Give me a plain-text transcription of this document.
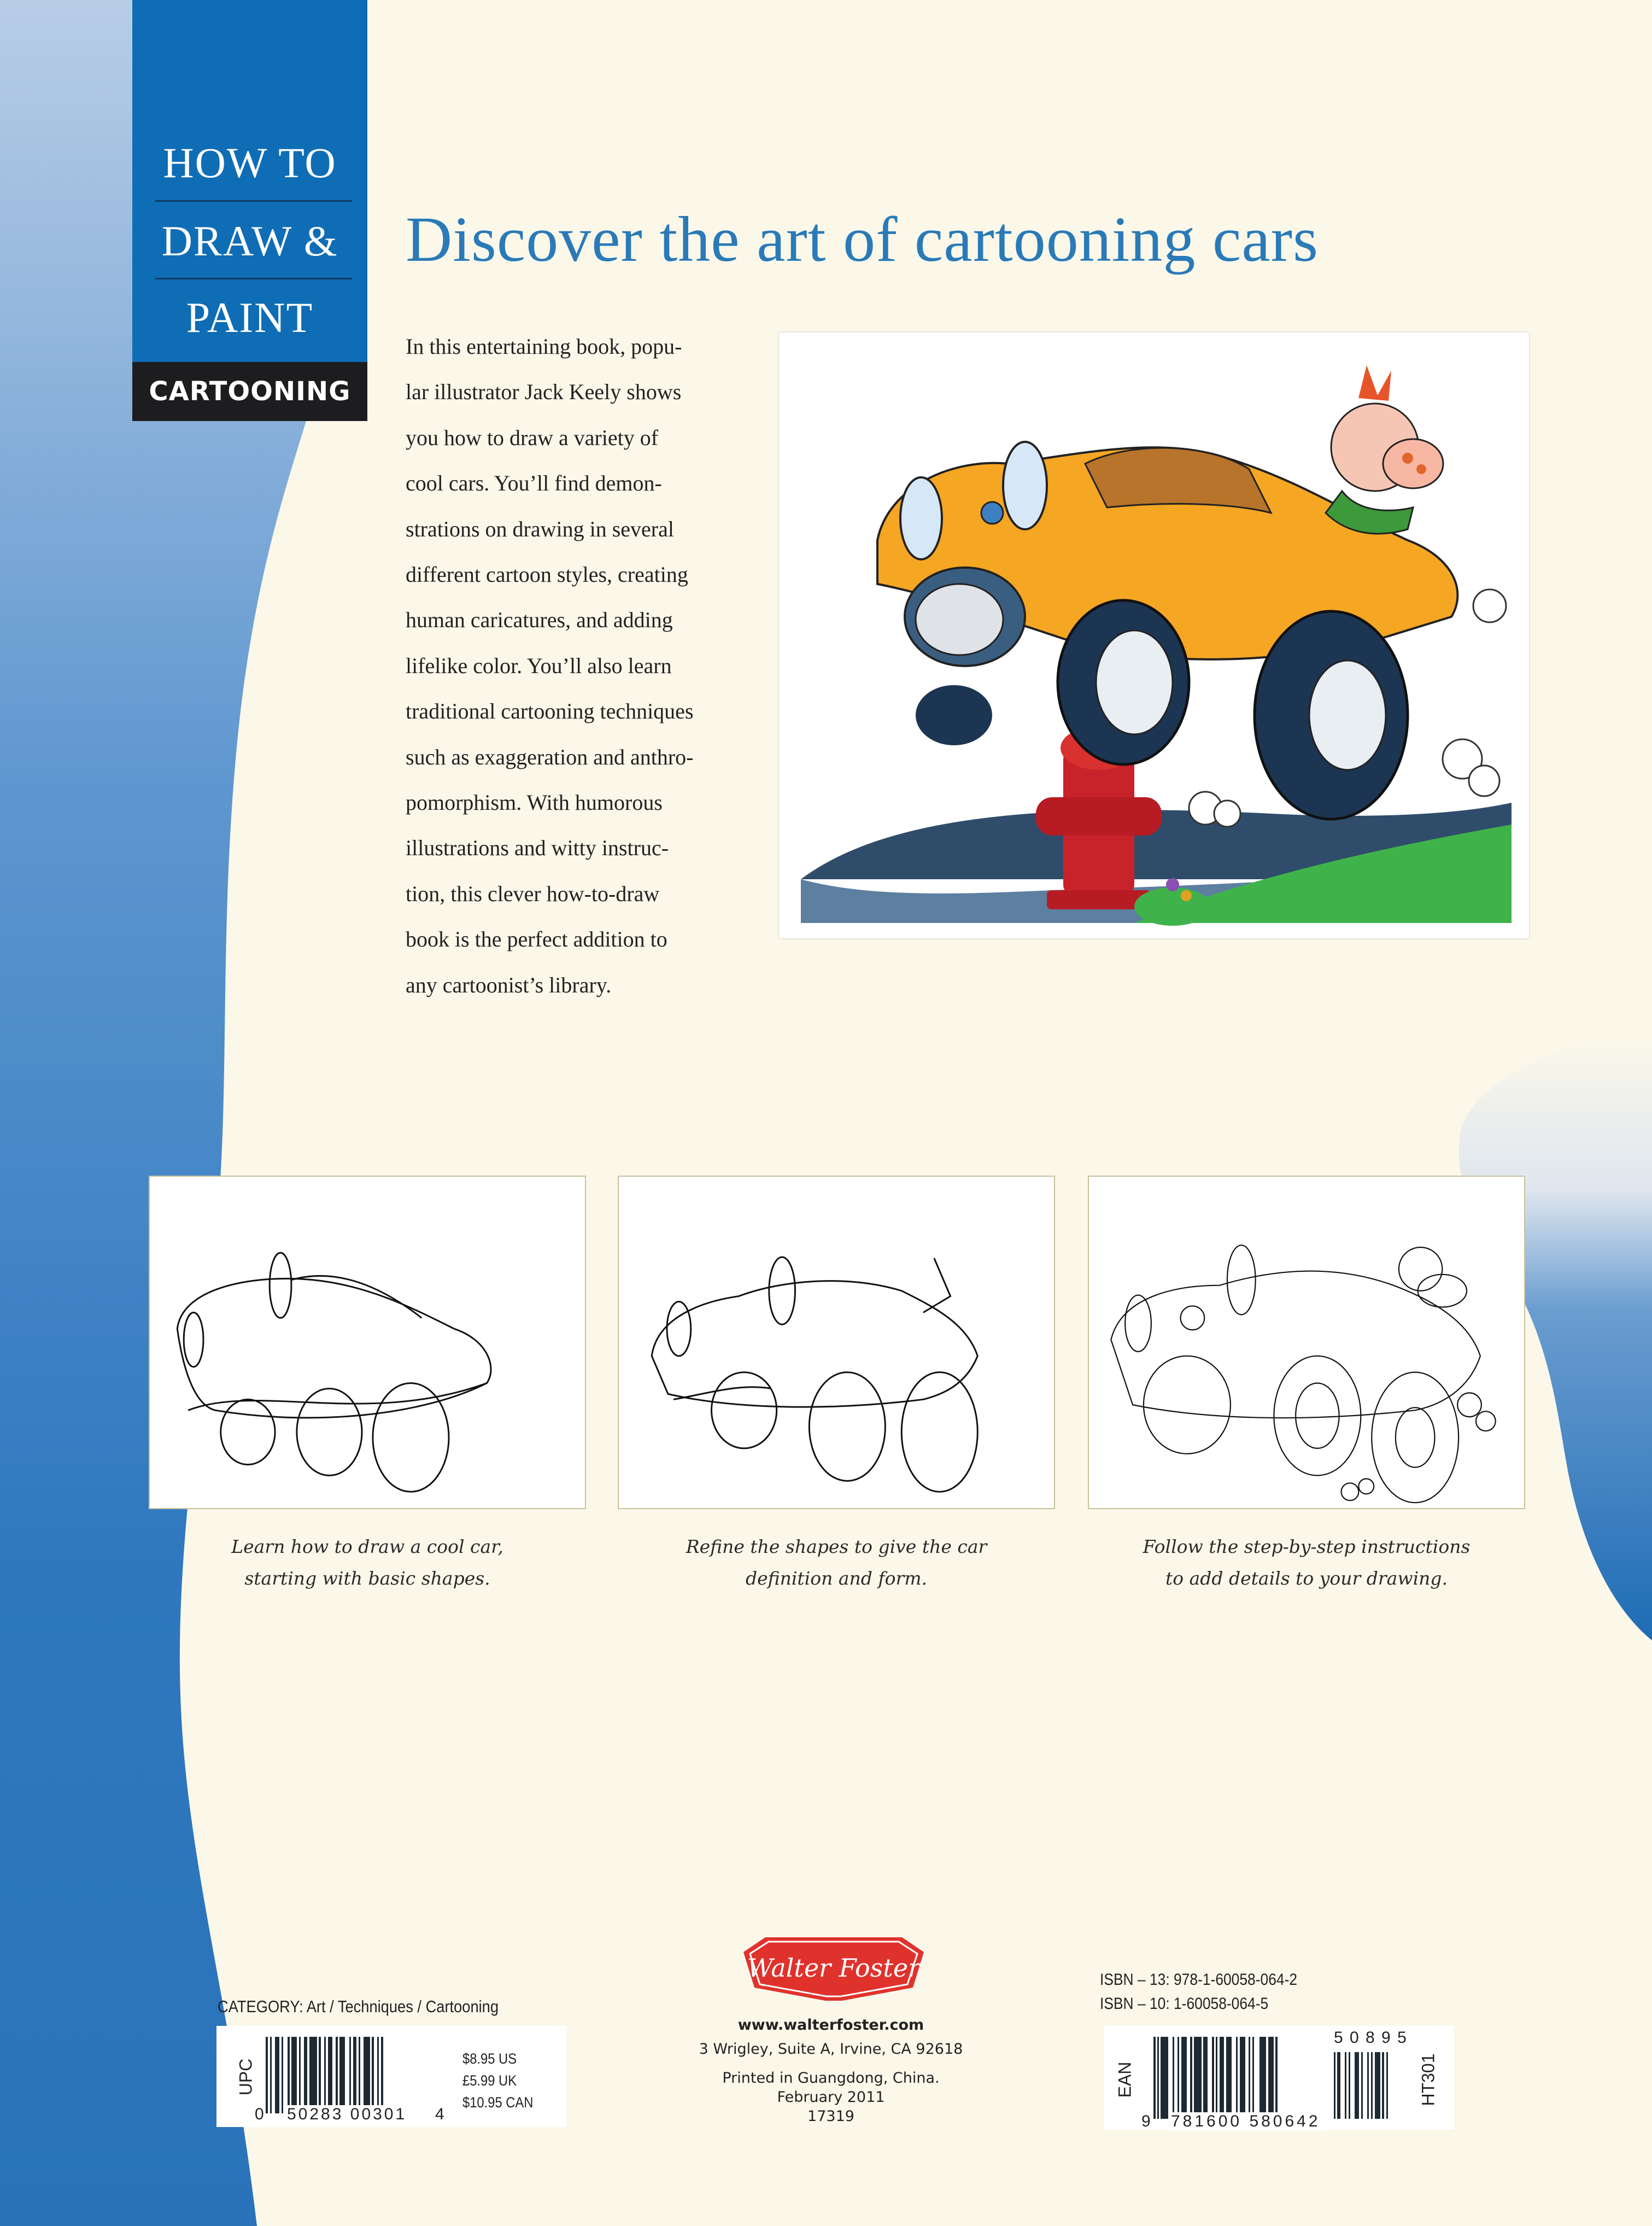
HOW TO
DRAW &
PAINT
CARTOONING
Discover the art of cartooning cars
In this entertaining book, popu-
lar illustrator Jack Keely shows
you how to draw a variety of
cool cars. You’ll find demon-
strations on drawing in several
different cartoon styles, creating
human caricatures, and adding
lifelike color. You’ll also learn
traditional cartooning techniques
such as exaggeration and anthro-
pomorphism. With humorous
illustrations and witty instruc-
tion, this clever how-to-draw
book is the perfect addition to
any cartoonist’s library.
Learn how to draw a cool car,
starting with basic shapes.
Refine the shapes to give the car
definition and form.
Follow the step-by-step instructions
to add details to your drawing.
CATEGORY: Art / Techniques / Cartooning
UPC
0 50283 00301 4
$8.95 US
£5.99 UK
$10.95 CAN
Walter Foster
www.walterfoster.com
3 Wrigley, Suite A, Irvine, CA 92618
Printed in Guangdong, China.
February 2011
17319
ISBN – 13: 978-1-60058-064-2
ISBN – 10: 1-60058-064-5
EAN
9 781600 580642
5 0 8 9 5
HT301
